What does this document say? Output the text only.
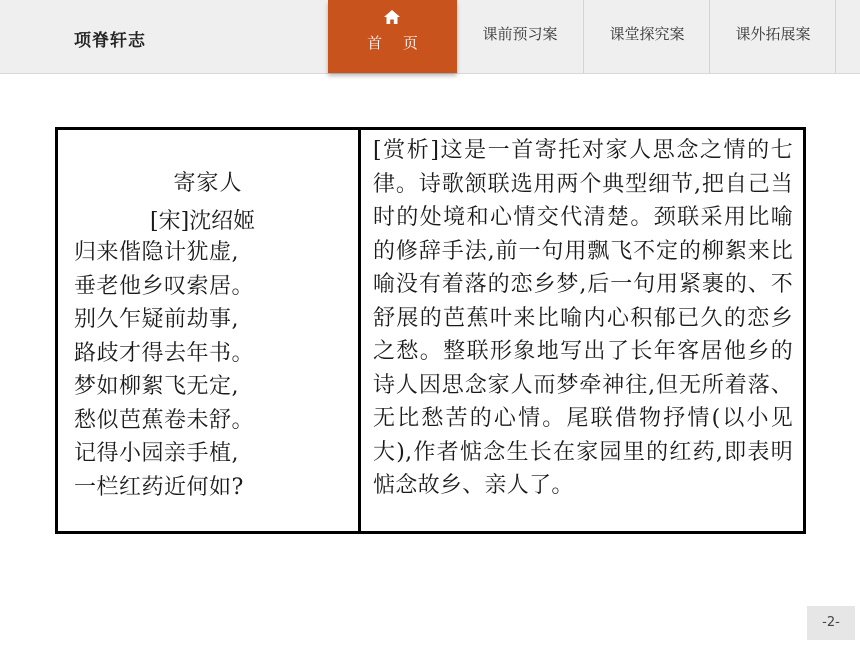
项脊轩志	首 页	课前预习案	课堂探究案	课外拓展案
寄家人
[宋]沈绍姬
归来偕隐计犹虚,
垂老他乡叹索居。
别久乍疑前劫事,
路歧才得去年书。
梦如柳絮飞无定,
愁似芭蕉卷未舒。
记得小园亲手植,
一栏红药近何如?
[赏析]这是一首寄托对家人思念之情的七律。诗歌颔联选用两个典型细节,把自己当时的处境和心情交代清楚。颈联采用比喻的修辞手法,前一句用飘飞不定的柳絮来比喻没有着落的恋乡梦,后一句用紧裹的、不舒展的芭蕉叶来比喻内心积郁已久的恋乡之愁。整联形象地写出了长年客居他乡的诗人因思念家人而梦牵神往,但无所着落、无比愁苦的心情。尾联借物抒情(以小见大),作者惦念生长在家园里的红药,即表明惦念故乡、亲人了。
-2-
